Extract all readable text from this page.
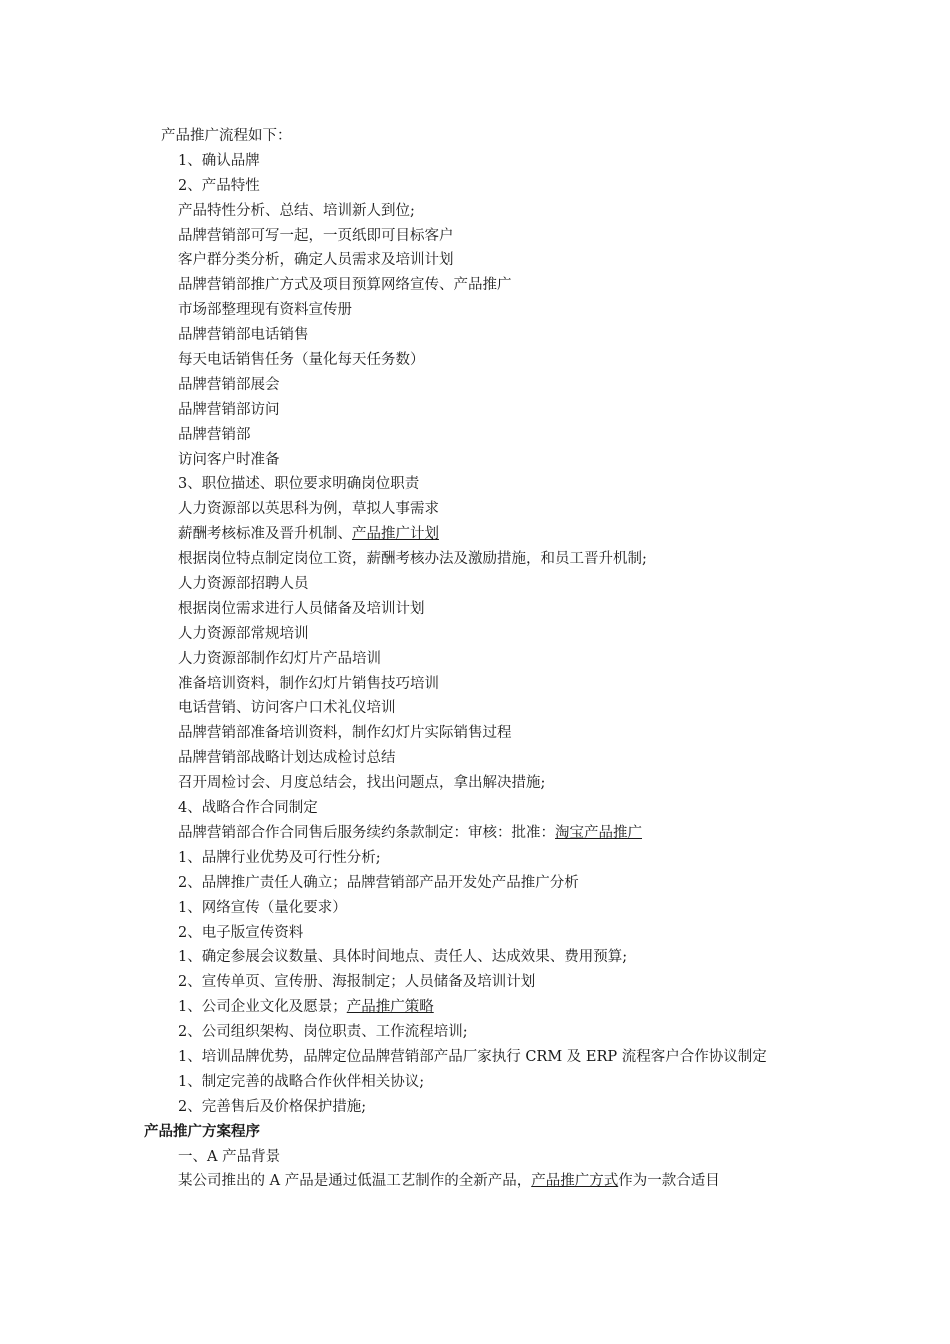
产品推广流程如下：
1、确认品牌
2、产品特性
产品特性分析、总结、培训新人到位;
品牌营销部可写一起，一页纸即可目标客户
客户群分类分析，确定人员需求及培训计划
品牌营销部推广方式及项目预算网络宣传、产品推广
市场部整理现有资料宣传册
品牌营销部电话销售
每天电话销售任务（量化每天任务数）
品牌营销部展会
品牌营销部访问
品牌营销部
访问客户时准备
3、职位描述、职位要求明确岗位职责
人力资源部以英思科为例，草拟人事需求
薪酬考核标准及晋升机制、产品推广计划
根据岗位特点制定岗位工资，薪酬考核办法及激励措施，和员工晋升机制;
人力资源部招聘人员
根据岗位需求进行人员储备及培训计划
人力资源部常规培训
人力资源部制作幻灯片产品培训
准备培训资料，制作幻灯片销售技巧培训
电话营销、访问客户口术礼仪培训
品牌营销部准备培训资料，制作幻灯片实际销售过程
品牌营销部战略计划达成检讨总结
召开周检讨会、月度总结会，找出问题点，拿出解决措施;
4、战略合作合同制定
品牌营销部合作合同售后服务续约条款制定：审核：批准：淘宝产品推广
1、品牌行业优势及可行性分析;
2、品牌推广责任人确立；品牌营销部产品开发处产品推广分析
1、网络宣传（量化要求）
2、电子版宣传资料
1、确定参展会议数量、具体时间地点、责任人、达成效果、费用预算;
2、宣传单页、宣传册、海报制定；人员储备及培训计划
1、公司企业文化及愿景；产品推广策略
2、公司组织架构、岗位职责、工作流程培训;
1、培训品牌优势，品牌定位品牌营销部产品厂家执行 CRM 及 ERP 流程客户合作协议制定
1、制定完善的战略合作伙伴相关协议;
2、完善售后及价格保护措施;
产品推广方案程序
一、A 产品背景
某公司推出的 A 产品是通过低温工艺制作的全新产品，产品推广方式作为一款合适目
